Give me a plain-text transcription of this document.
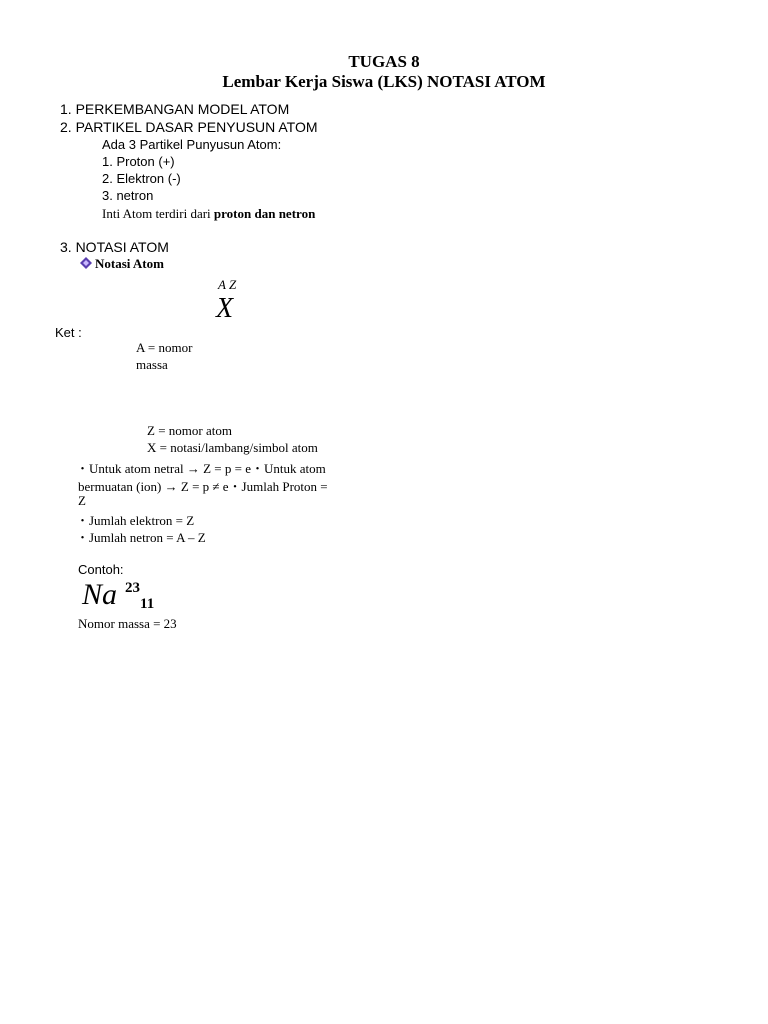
TUGAS 8
Lembar Kerja Siswa (LKS) NOTASI ATOM
1. PERKEMBANGAN MODEL ATOM
2. PARTIKEL DASAR PENYUSUN ATOM
Ada 3 Partikel Punyusun Atom:
1. Proton (+)
2. Elektron (-)
3. netron
Inti Atom terdiri dari proton dan netron
3. NOTASI ATOM
Notasi Atom
A Z
X
Ket :
A = nomor
massa
Z = nomor atom
X = notasi/lambang/simbol atom
・Untuk atom netral → Z = p = e・Untuk atom
bermuatan (ion) → Z = p ≠ e・Jumlah Proton =
Z
・Jumlah elektron = Z
・Jumlah netron = A – Z
Contoh:
Na 2311
Nomor massa = 23
